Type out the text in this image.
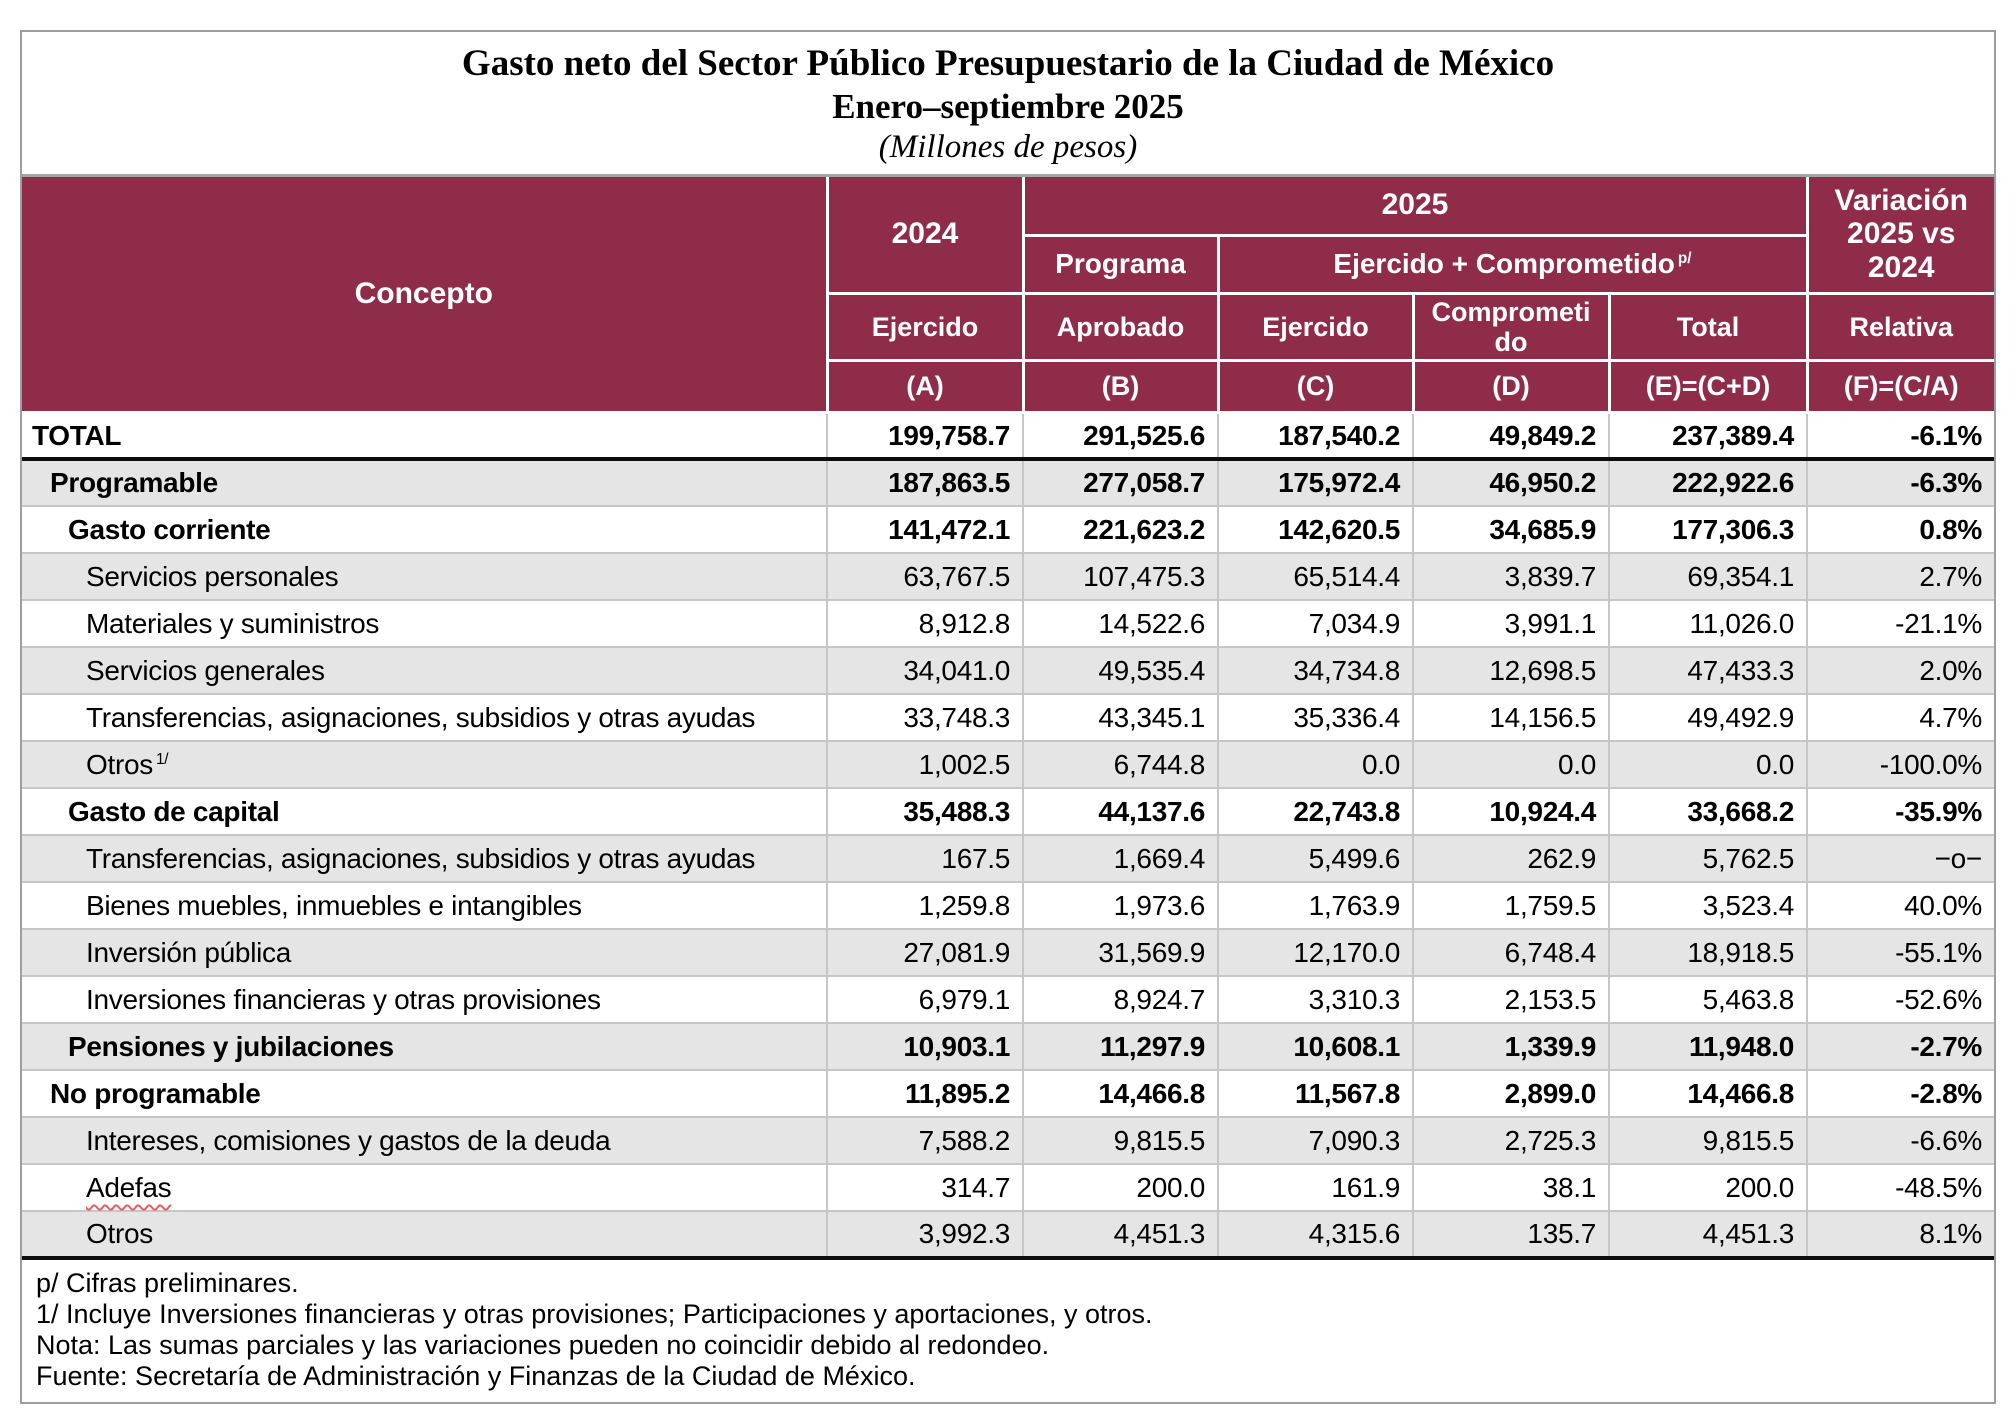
Gasto neto del Sector Público Presupuestario de la Ciudad de México
Enero–septiembre 2025
(Millones de pesos)
Concepto	2024	2025				Variación 2025 vs 2024
		Programa	Ejercido + Comprometido $^{p/}$
	Ejercido	Aprobado	Ejercido	Comprometido	Total	Relativa
	(A)	(B)	(C)	(D)	(E)=(C+D)	(F)=(C/A)
TOTAL	199,758.7	291,525.6	187,540.2	49,849.2	237,389.4	-6.1%
Programable	187,863.5	277,058.7	175,972.4	46,950.2	222,922.6	-6.3%
Gasto corriente	141,472.1	221,623.2	142,620.5	34,685.9	177,306.3	0.8%
Servicios personales	63,767.5	107,475.3	65,514.4	3,839.7	69,354.1	2.7%
Materiales y suministros	8,912.8	14,522.6	7,034.9	3,991.1	11,026.0	-21.1%
Servicios generales	34,041.0	49,535.4	34,734.8	12,698.5	47,433.3	2.0%
Transferencias, asignaciones, subsidios y otras ayudas	33,748.3	43,345.1	35,336.4	14,156.5	49,492.9	4.7%
Otros $^{1/}$	1,002.5	6,744.8	0.0	0.0	0.0	-100.0%
Gasto de capital	35,488.3	44,137.6	22,743.8	10,924.4	33,668.2	-35.9%
Transferencias, asignaciones, subsidios y otras ayudas	167.5	1,669.4	5,499.6	262.9	5,762.5	−o−
Bienes muebles, inmuebles e intangibles	1,259.8	1,973.6	1,763.9	1,759.5	3,523.4	40.0%
Inversión pública	27,081.9	31,569.9	12,170.0	6,748.4	18,918.5	-55.1%
Inversiones financieras y otras provisiones	6,979.1	8,924.7	3,310.3	2,153.5	5,463.8	-52.6%
Pensiones y jubilaciones	10,903.1	11,297.9	10,608.1	1,339.9	11,948.0	-2.7%
No programable	11,895.2	14,466.8	11,567.8	2,899.0	14,466.8	-2.8%
Intereses, comisiones y gastos de la deuda	7,588.2	9,815.5	7,090.3	2,725.3	9,815.5	-6.6%
Adefas	314.7	200.0	161.9	38.1	200.0	-48.5%
Otros	3,992.3	4,451.3	4,315.6	135.7	4,451.3	8.1%
p/ Cifras preliminares.
1/ Incluye Inversiones financieras y otras provisiones; Participaciones y aportaciones, y otros.
Nota: Las sumas parciales y las variaciones pueden no coincidir debido al redondeo.
Fuente: Secretaría de Administración y Finanzas de la Ciudad de México.
